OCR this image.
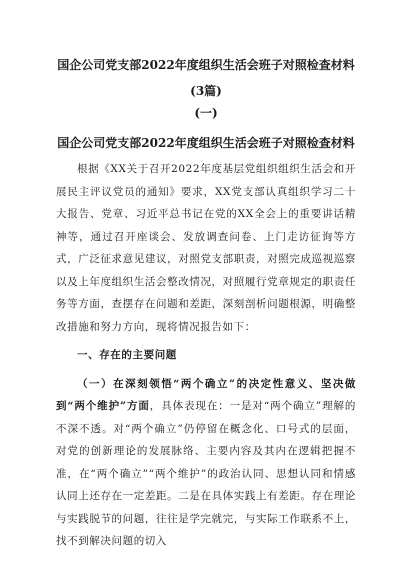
国企公司党支部2022年度组织生活会班子对照检查材料

(3篇)

(一)

国企公司党支部2022年度组织生活会班子对照检查材料

根据《XX关于召开2022年度基层党组织组织生活会和开展民主评议党员的通知》要求，XX党支部认真组织学习二十大报告、党章、习近平总书记在党的XX全会上的重要讲话精神等，通过召开座谈会、发放调查问卷、上门走访征询等方式，广泛征求意见建议，对照党支部职责，对照完成巡视巡察以及上年度组织生活会整改情况，对照履行党章规定的职责任务等方面，查摆存在问题和差距，深刻剖析问题根源，明确整改措施和努力方向，现将情况报告如下：

一、存在的主要问题

（一）在深刻领悟“两个确立”的决定性意义、坚决做到“两个维护”方面，具体表现在：一是对“两个确立”理解的不深不透。对“两个确立”仍停留在概念化、口号式的层面，对党的创新理论的发展脉络、主要内容及其内在逻辑把握不准，在“两个确立”“两个维护”的政治认同、思想认同和情感认同上还存在一定差距。二是在具体实践上有差距。存在理论与实践脱节的问题，往往是学完就完，与实际工作联系不上，找不到解决问题的切入
